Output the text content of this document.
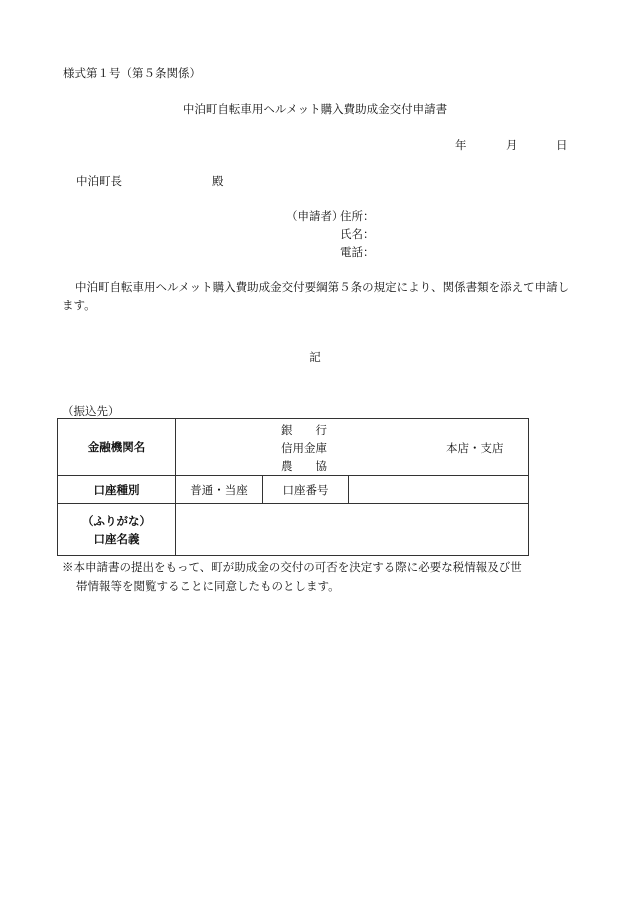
様式第１号（第５条関係）
中泊町自転車用ヘルメット購入費助成金交付申請書
年	月	日
中泊町長	殿
（申請者）
住所：
氏名：
電話：
中泊町自転車用ヘルメット購入費助成金交付要綱第５条の規定により、関係書類を添えて申請します。
記
（振込先）
金融機関名	銀　　行
信用金庫
農　　協
本店・支店		

口座種別	普通・当座	口座番号	
（ふりがな）
口座名義			
※本申請書の提出をもって、町が助成金の交付の可否を決定する際に必要な税情報及び世
帯情報等を閲覧することに同意したものとします。
